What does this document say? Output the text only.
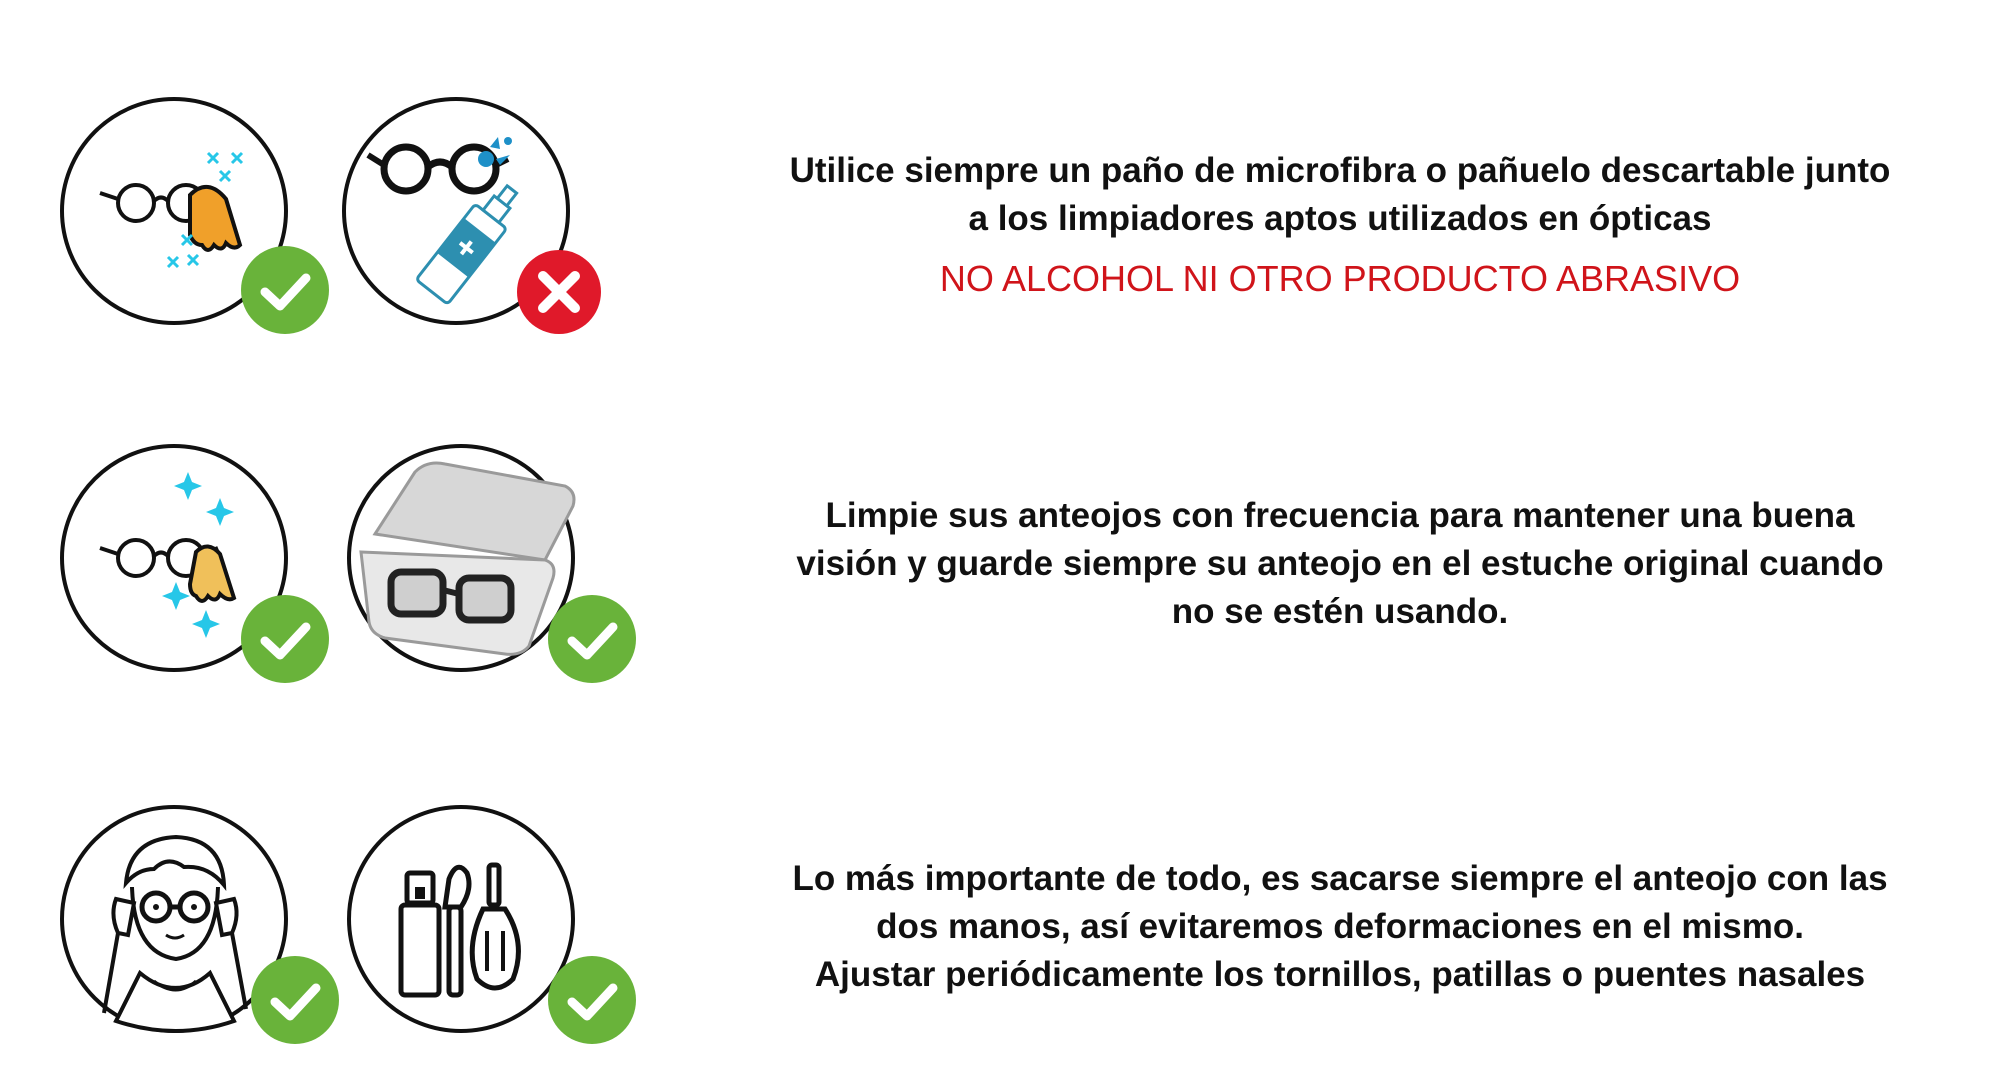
Utilice siempre un paño de microfibra o pañuelo descartable junto
a los limpiadores aptos utilizados en ópticas
NO ALCOHOL NI OTRO PRODUCTO ABRASIVO
Limpie sus anteojos con frecuencia para mantener una buena
visión y guarde siempre su anteojo en el estuche original cuando
no se estén usando.
Lo más importante de todo, es sacarse siempre el anteojo con las
dos manos, así evitaremos deformaciones en el mismo.
Ajustar periódicamente los tornillos, patillas o puentes nasales
